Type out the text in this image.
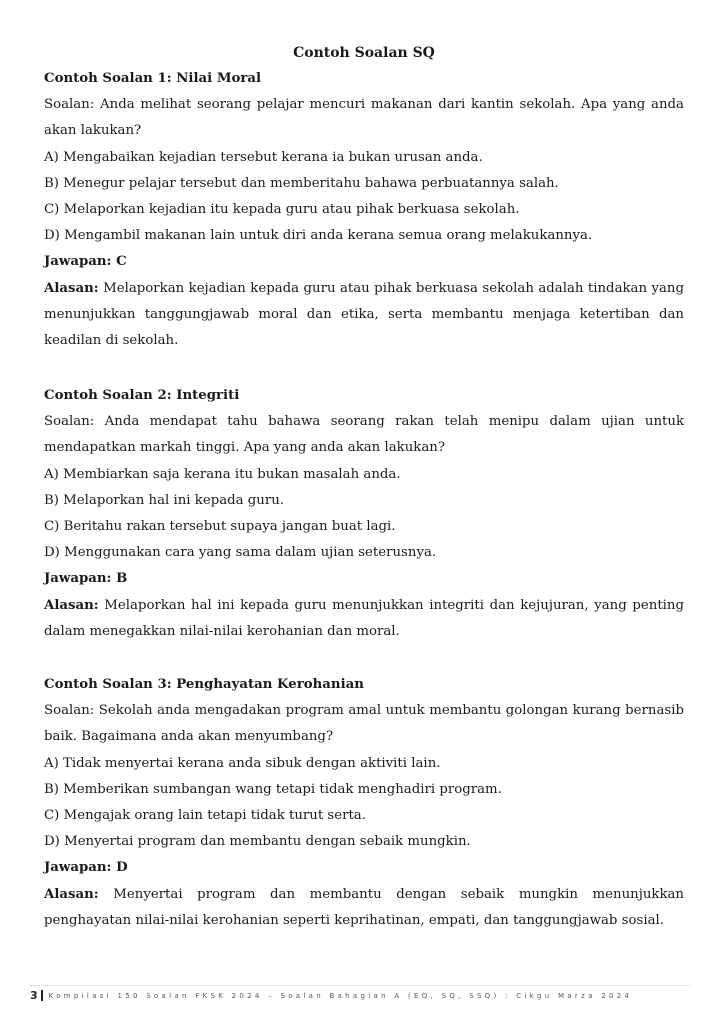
Contoh Soalan SQ

Contoh Soalan 1: Nilai Moral

Soalan: Anda melihat seorang pelajar mencuri makanan dari kantin sekolah. Apa yang anda akan lakukan?

A) Mengabaikan kejadian tersebut kerana ia bukan urusan anda.

B) Menegur pelajar tersebut dan memberitahu bahawa perbuatannya salah.

C) Melaporkan kejadian itu kepada guru atau pihak berkuasa sekolah.

D) Mengambil makanan lain untuk diri anda kerana semua orang melakukannya.

Jawapan: C

Alasan: Melaporkan kejadian kepada guru atau pihak berkuasa sekolah adalah tindakan yang menunjukkan tanggungjawab moral dan etika, serta membantu menjaga ketertiban dan keadilan di sekolah.

Contoh Soalan 2: Integriti

Soalan: Anda mendapat tahu bahawa seorang rakan telah menipu dalam ujian untuk mendapatkan markah tinggi. Apa yang anda akan lakukan?

A) Membiarkan saja kerana itu bukan masalah anda.

B) Melaporkan hal ini kepada guru.

C) Beritahu rakan tersebut supaya jangan buat lagi.

D) Menggunakan cara yang sama dalam ujian seterusnya.

Jawapan: B

Alasan: Melaporkan hal ini kepada guru menunjukkan integriti dan kejujuran, yang penting dalam menegakkan nilai-nilai kerohanian dan moral.

Contoh Soalan 3: Penghayatan Kerohanian

Soalan: Sekolah anda mengadakan program amal untuk membantu golongan kurang bernasib baik. Bagaimana anda akan menyumbang?

A) Tidak menyertai kerana anda sibuk dengan aktiviti lain.

B) Memberikan sumbangan wang tetapi tidak menghadiri program.

C) Mengajak orang lain tetapi tidak turut serta.

D) Menyertai program dan membantu dengan sebaik mungkin.

Jawapan: D

Alasan: Menyertai program dan membantu dengan sebaik mungkin menunjukkan penghayatan nilai-nilai kerohanian seperti keprihatinan, empati, dan tanggungjawab sosial.

3 Kompilasi 150 Soalan FKSK 2024 – Soalan Bahagian A (EQ, SQ, SSQ) : Cikgu Marza 2024
